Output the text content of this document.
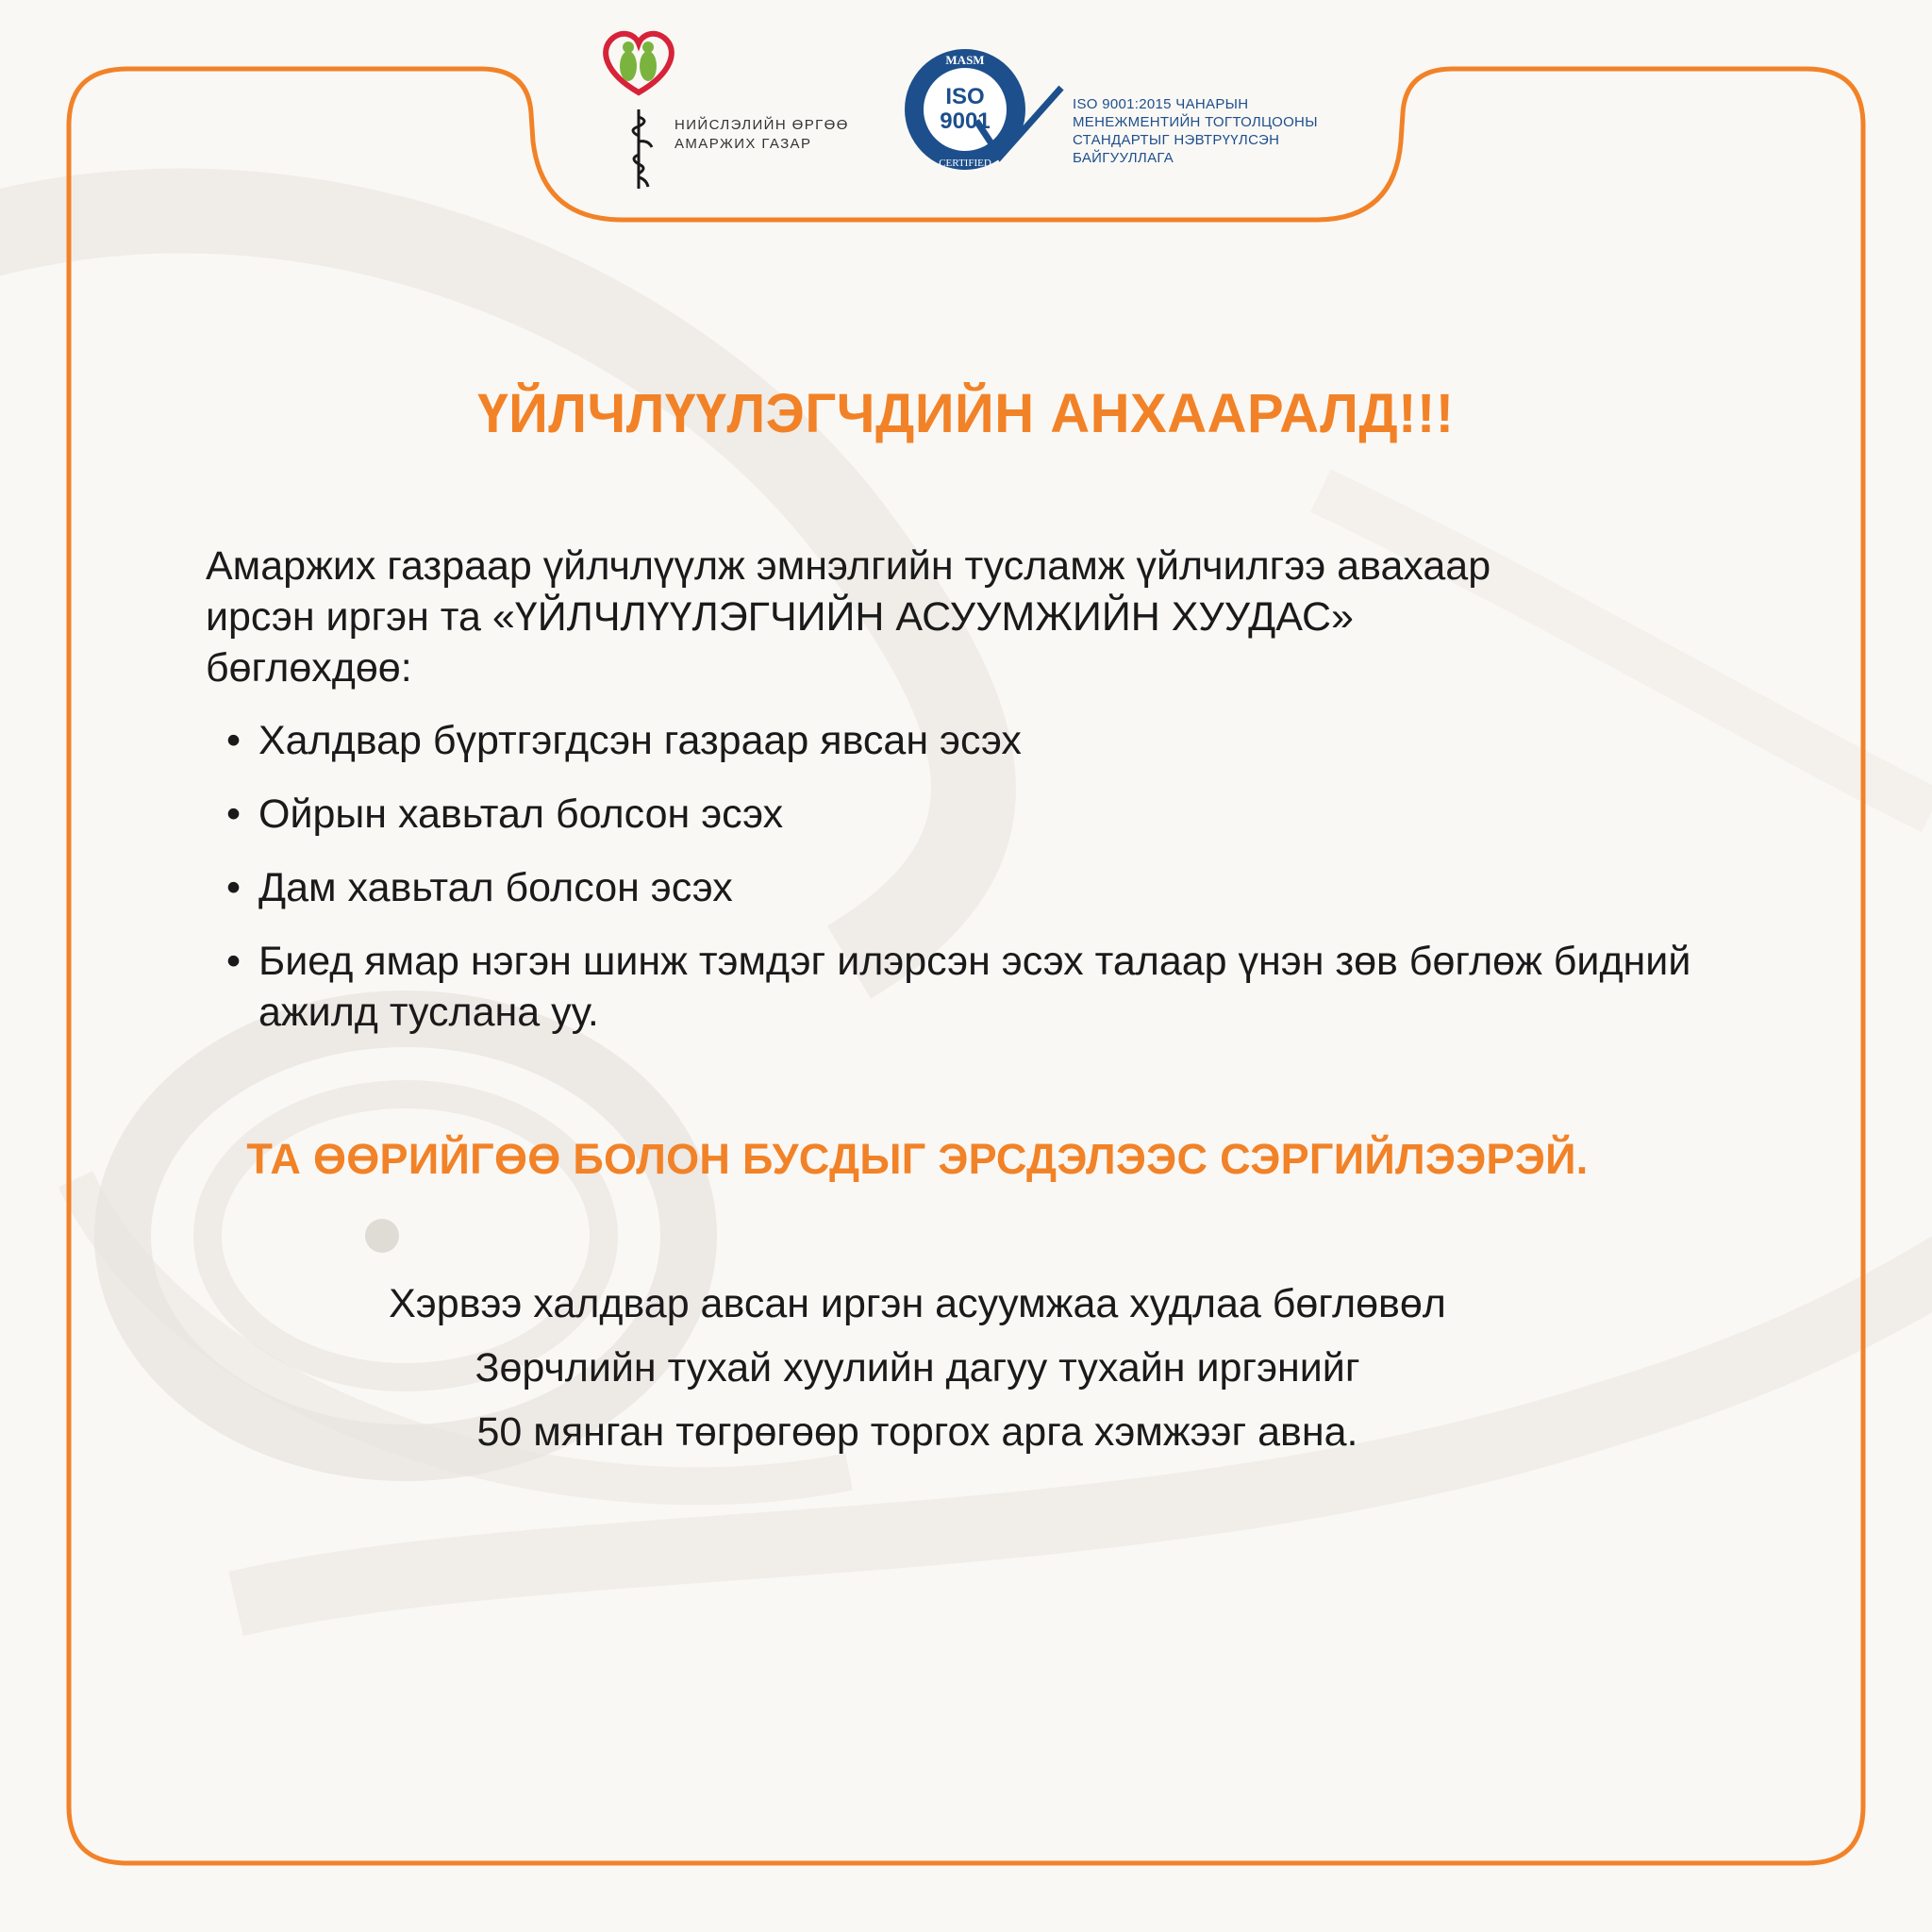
НИЙСЛЭЛИЙН ӨРГӨӨ
АМАРЖИХ ГАЗАР
MASM
ISO
9001
CERTIFIED
ISO 9001:2015 ЧАНАРЫН
МЕНЕЖМЕНТИЙН ТОГТОЛЦООНЫ
СТАНДАРТЫГ НЭВТРҮҮЛСЭН
БАЙГУУЛЛАГА
ҮЙЛЧЛҮҮЛЭГЧДИЙН АНХААРАЛД!!!
Амаржих газраар үйлчлүүлж эмнэлгийн тусламж үйлчилгээ авахаар
ирсэн иргэн та «ҮЙЛЧЛҮҮЛЭГЧИЙН АСУУМЖИЙН ХУУДАС»
бөглөхдөө:
• Халдвар бүртгэгдсэн газраар явсан эсэх
• Ойрын хавьтал болсон эсэх
• Дам хавьтал болсон эсэх
• Биед ямар нэгэн шинж тэмдэг илэрсэн эсэх талаар үнэн зөв бөглөж бидний ажилд туслана уу.
ТА ӨӨРИЙГӨӨ БОЛОН БУСДЫГ ЭРСДЭЛЭЭС СЭРГИЙЛЭЭРЭЙ.
Хэрвээ халдвар авсан иргэн асуумжаа худлаа бөглөвөл
Зөрчлийн тухай хуулийн дагуу тухайн иргэнийг
50 мянган төгрөгөөр торгох арга хэмжээг авна.
